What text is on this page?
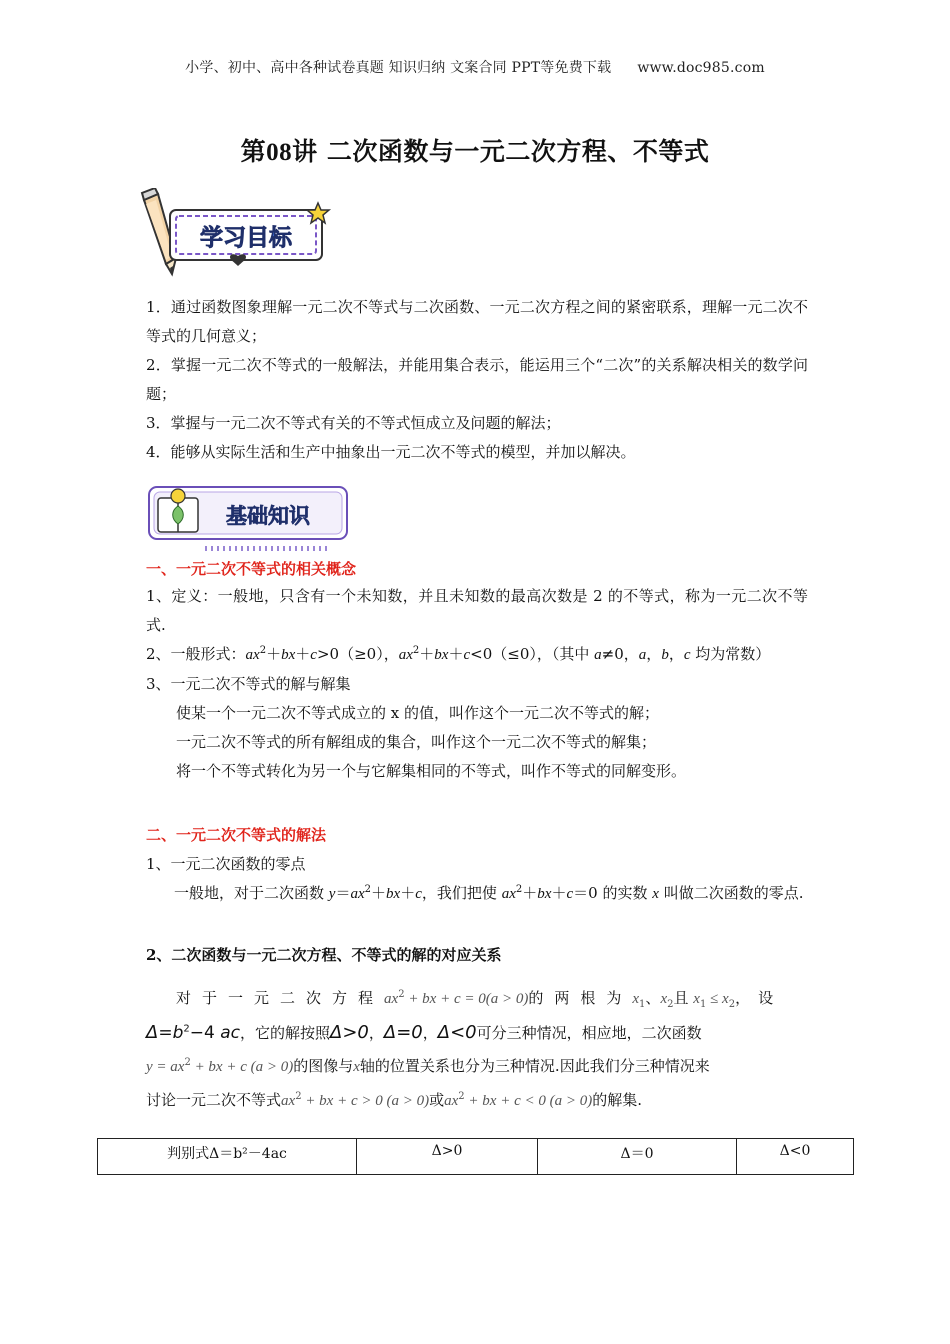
小学、初中、高中各种试卷真题 知识归纳 文案合同 PPT等免费下载 www.doc985.com
第08讲 二次函数与一元二次方程、不等式
学习目标
1．通过函数图象理解一元二次不等式与二次函数、一元二次方程之间的紧密联系，理解一元二次不等式的几何意义；
2．掌握一元二次不等式的一般解法，并能用集合表示，能运用三个“二次”的关系解决相关的数学问题；
3．掌握与一元二次不等式有关的不等式恒成立及问题的解法；
4．能够从实际生活和生产中抽象出一元二次不等式的模型，并加以解决。
基础知识
一、一元二次不等式的相关概念
1、定义：一般地，只含有一个未知数，并且未知数的最高次数是 2 的不等式，称为一元二次不等式.
2、一般形式：$ax^2+bx+c>0(\ge 0)$，$ax^2+bx+c<0(\le 0)$，（其中 a≠0，a，b，c 均为常数）
3、一元二次不等式的解与解集
使某一个一元二次不等式成立的 x 的值，叫作这个一元二次不等式的解；
一元二次不等式的所有解组成的集合，叫作这个一元二次不等式的解集；
将一个不等式转化为另一个与它解集相同的不等式，叫作不等式的同解变形。
二、一元二次不等式的解法
1、一元二次函数的零点
一般地，对于二次函数 $y=ax^2+bx+c$，我们把使 $ax^2+bx+c=0$ 的实数 x 叫做二次函数的零点.
2、二次函数与一元二次方程、不等式的解的对应关系
对于一元二次方程$ax^2$ + bx + c = 0(a > 0)的两根为$x_1$、$x_2$且 $x_1 \le x_2$，设
$\Delta=b^2-4$ ac，它的解按照Δ>0，Δ=0，Δ<0可分三种情况，相应地，二次函数
$y = ax^2$ + bx + c (a > 0)的图像与x轴的位置关系也分为三种情况.因此我们分三种情况来
讨论一元二次不等式$ax^2$ + bx + c > 0 (a > 0)或$ax^2$ + bx + c < 0 (a > 0)的解集.
判别式Δ＝b²－4ac	Δ>0	Δ＝0	Δ<0
